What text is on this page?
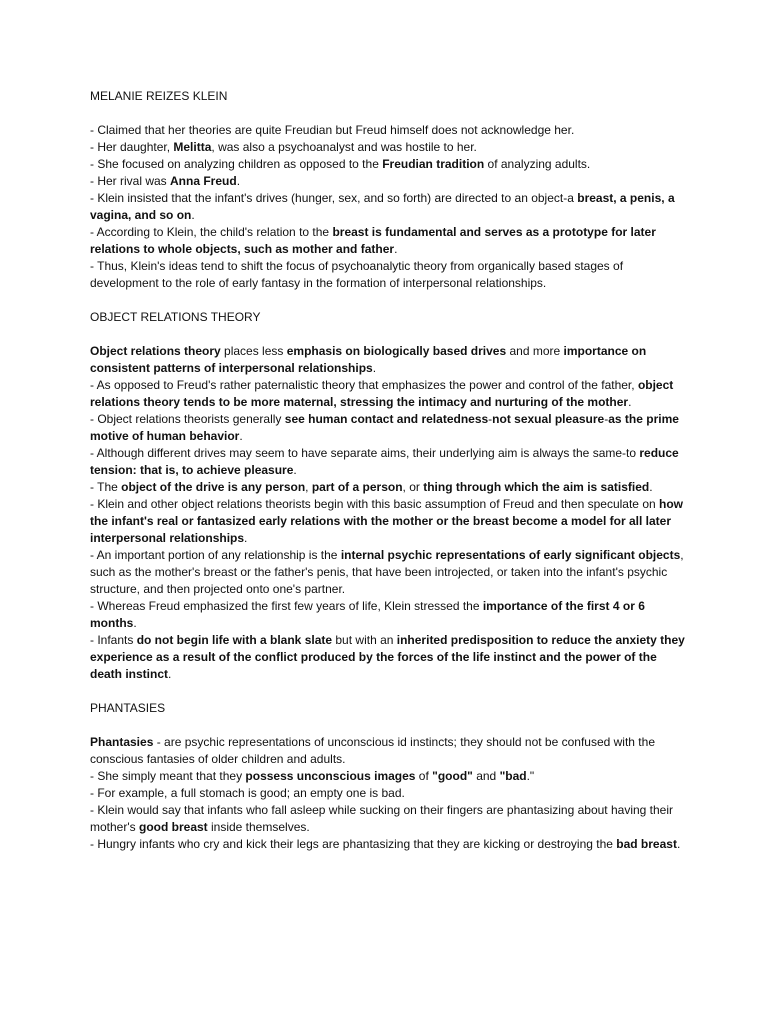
MELANIE REIZES KLEIN

- Claimed that her theories are quite Freudian but Freud himself does not acknowledge her.

- Her daughter, Melitta, was also a psychoanalyst and was hostile to her.

- She focused on analyzing children as opposed to the Freudian tradition of analyzing adults.

- Her rival was Anna Freud.

- Klein insisted that the infant's drives (hunger, sex, and so forth) are directed to an object-a breast, a penis, a vagina, and so on.

- According to Klein, the child's relation to the breast is fundamental and serves as a prototype for later relations to whole objects, such as mother and father.

- Thus, Klein's ideas tend to shift the focus of psychoanalytic theory from organically based stages of development to the role of early fantasy in the formation of interpersonal relationships.

OBJECT RELATIONS THEORY

Object relations theory places less emphasis on biologically based drives and more importance on consistent patterns of interpersonal relationships.

- As opposed to Freud's rather paternalistic theory that emphasizes the power and control of the father, object relations theory tends to be more maternal, stressing the intimacy and nurturing of the mother.

- Object relations theorists generally see human contact and relatedness-not sexual pleasure-as the prime motive of human behavior.

- Although different drives may seem to have separate aims, their underlying aim is always the same-to reduce tension: that is, to achieve pleasure.

- The object of the drive is any person, part of a person, or thing through which the aim is satisfied.

- Klein and other object relations theorists begin with this basic assumption of Freud and then speculate on how the infant's real or fantasized early relations with the mother or the breast become a model for all later interpersonal relationships.

- An important portion of any relationship is the internal psychic representations of early significant objects, such as the mother's breast or the father's penis, that have been introjected, or taken into the infant's psychic structure, and then projected onto one's partner.

- Whereas Freud emphasized the first few years of life, Klein stressed the importance of the first 4 or 6 months.

- Infants do not begin life with a blank slate but with an inherited predisposition to reduce the anxiety they experience as a result of the conflict produced by the forces of the life instinct and the power of the death instinct.

PHANTASIES

Phantasies - are psychic representations of unconscious id instincts; they should not be confused with the conscious fantasies of older children and adults.

- She simply meant that they possess unconscious images of "good" and "bad."

- For example, a full stomach is good; an empty one is bad.

- Klein would say that infants who fall asleep while sucking on their fingers are phantasizing about having their mother's good breast inside themselves.

- Hungry infants who cry and kick their legs are phantasizing that they are kicking or destroying the bad breast.
